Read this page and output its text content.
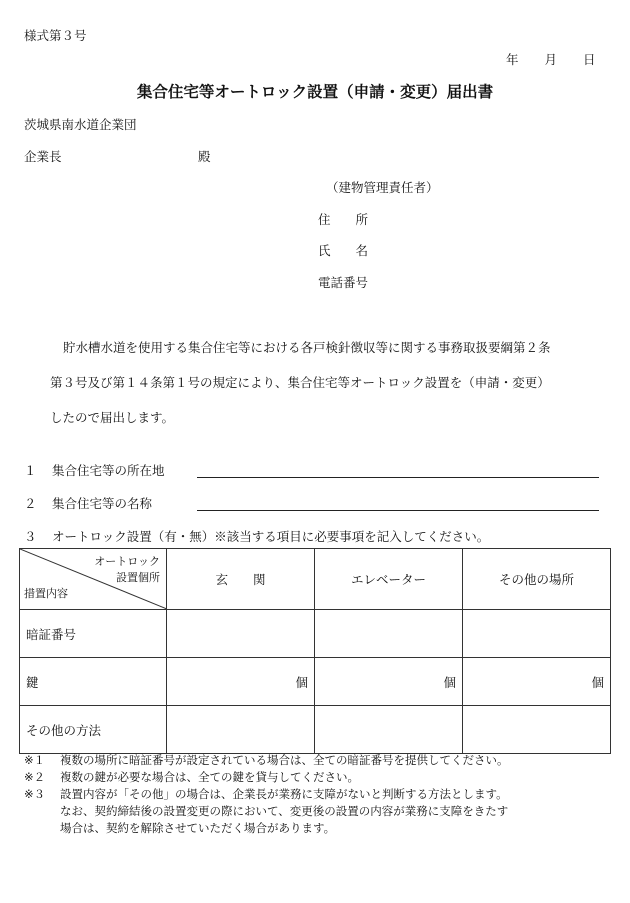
様式第３号
年 月 日
集合住宅等オートロック設置（申請・変更）届出書
茨城県南水道企業団
企業長	殿
（建物管理責任者）
住　　所
氏　　名
電話番号
貯水槽水道を使用する集合住宅等における各戸検針徴収等に関する事務取扱要綱第２条
第３号及び第１４条第１号の規定により、集合住宅等オートロック設置を（申請・変更）
したので届出します。
１ 集合住宅等の所在地
２ 集合住宅等の名称
３ オートロック設置（有・無）※該当する項目に必要事項を記入してください。
オートロック
設置個所
措置内容	玄　　関	エレベーター	その他の場所
暗証番号			
鍵	個	個	個
その他の方法			
※１ 複数の場所に暗証番号が設定されている場合は、全ての暗証番号を提供してください。
※２ 複数の鍵が必要な場合は、全ての鍵を貸与してください。
※３ 設置内容が「その他」の場合は、企業長が業務に支障がないと判断する方法とします。
なお、契約締結後の設置変更の際において、変更後の設置の内容が業務に支障をきたす
場合は、契約を解除させていただく場合があります。
